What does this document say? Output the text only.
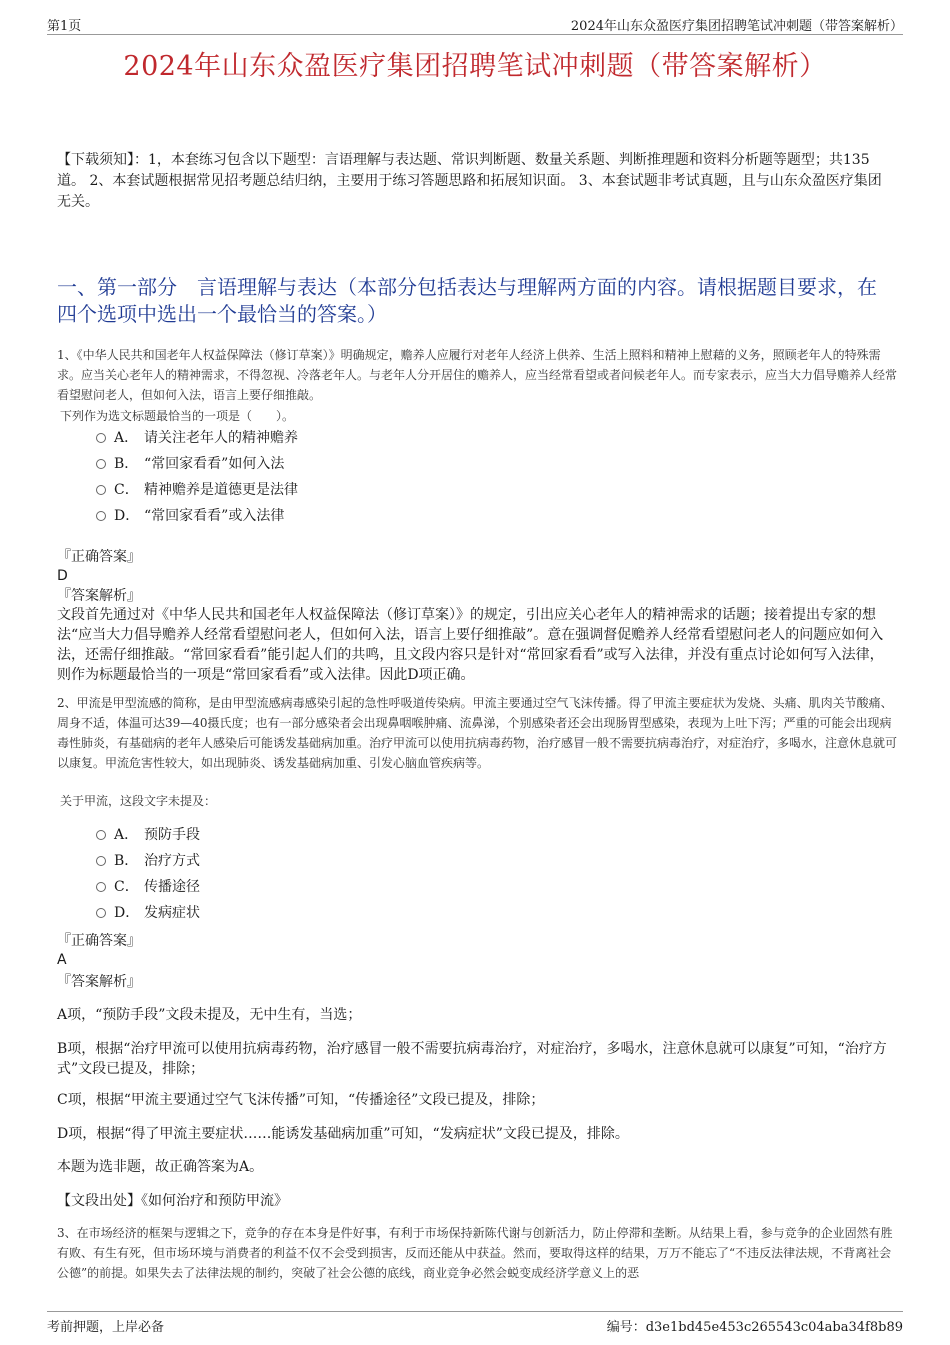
第1页	2024年山东众盈医疗集团招聘笔试冲刺题（带答案解析）
2024年山东众盈医疗集团招聘笔试冲刺题（带答案解析）
【下载须知】：1，本套练习包含以下题型：言语理解与表达题、常识判断题、数量关系题、判断推理题和资料分析题等题型；共135道。 2、本套试题根据常见招考题总结归纳，主要用于练习答题思路和拓展知识面。 3、本套试题非考试真题，且与山东众盈医疗集团无关。
一、第一部分　言语理解与表达（本部分包括表达与理解两方面的内容。请根据题目要求，在四个选项中选出一个最恰当的答案。）
1、《中华人民共和国老年人权益保障法（修订草案）》明确规定，赡养人应履行对老年人经济上供养、生活上照料和精神上慰藉的义务，照顾老年人的特殊需求。应当关心老年人的精神需求，不得忽视、冷落老年人。与老年人分开居住的赡养人，应当经常看望或者问候老年人。而专家表示，应当大力倡导赡养人经常看望慰问老人，但如何入法，语言上要仔细推敲。
下列作为选文标题最恰当的一项是（　　）。
A． 请关注老年人的精神赡养
B． “常回家看看”如何入法
C． 精神赡养是道德更是法律
D． “常回家看看”或入法律
『正确答案』
D
『答案解析』
文段首先通过对《中华人民共和国老年人权益保障法（修订草案）》的规定，引出应关心老年人的精神需求的话题；接着提出专家的想法“应当大力倡导赡养人经常看望慰问老人，但如何入法，语言上要仔细推敲”。意在强调督促赡养人经常看望慰问老人的问题应如何入法，还需仔细推敲。“常回家看看”能引起人们的共鸣，且文段内容只是针对“常回家看看”或写入法律，并没有重点讨论如何写入法律，则作为标题最恰当的一项是“常回家看看”或入法律。因此D项正确。
2、甲流是甲型流感的简称，是由甲型流感病毒感染引起的急性呼吸道传染病。甲流主要通过空气飞沫传播。得了甲流主要症状为发烧、头痛、肌肉关节酸痛、周身不适，体温可达39—40摄氏度；也有一部分感染者会出现鼻咽喉肿痛、流鼻涕，个别感染者还会出现肠胃型感染，表现为上吐下泻；严重的可能会出现病毒性肺炎，有基础病的老年人感染后可能诱发基础病加重。治疗甲流可以使用抗病毒药物，治疗感冒一般不需要抗病毒治疗，对症治疗，多喝水，注意休息就可以康复。甲流危害性较大，如出现肺炎、诱发基础病加重、引发心脑血管疾病等。
关于甲流，这段文字未提及：
A． 预防手段
B． 治疗方式
C． 传播途径
D． 发病症状
『正确答案』
A
『答案解析』
A项，“预防手段”文段未提及，无中生有，当选；
B项，根据“治疗甲流可以使用抗病毒药物，治疗感冒一般不需要抗病毒治疗，对症治疗，多喝水，注意休息就可以康复”可知，“治疗方式”文段已提及，排除；
C项，根据“甲流主要通过空气飞沫传播”可知，“传播途径”文段已提及，排除；
D项，根据“得了甲流主要症状……能诱发基础病加重”可知，“发病症状”文段已提及，排除。
本题为选非题，故正确答案为A。
【文段出处】《如何治疗和预防甲流》
3、在市场经济的框架与逻辑之下，竞争的存在本身是件好事，有利于市场保持新陈代谢与创新活力，防止停滞和垄断。从结果上看，参与竞争的企业固然有胜有败、有生有死，但市场环境与消费者的利益不仅不会受到损害，反而还能从中获益。然而，要取得这样的结果，万万不能忘了“不违反法律法规，不背离社会公德”的前提。如果失去了法律法规的制约，突破了社会公德的底线，商业竞争必然会蜕变成经济学意义上的恶
考前押题，上岸必备	编号：d3e1bd45e453c265543c04aba34f8b89
